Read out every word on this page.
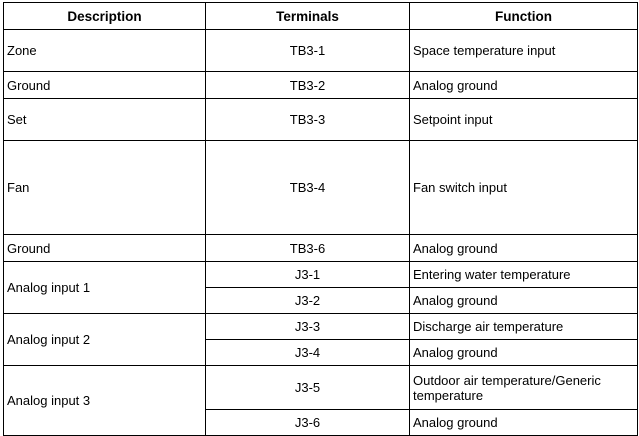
Description	Terminals	Function
Zone	TB3-1	Space temperature input
Ground	TB3-2	Analog ground
Set	TB3-3	Setpoint input
Fan	TB3-4	Fan switch input
Ground	TB3-6	Analog ground
Analog input 1	J3-1	Entering water temperature
	J3-2	Analog ground
Analog input 2	J3-3	Discharge air temperature
	J3-4	Analog ground
Analog input 3	J3-5	Outdoor air temperature/Generic temperature
	J3-6	Analog ground
